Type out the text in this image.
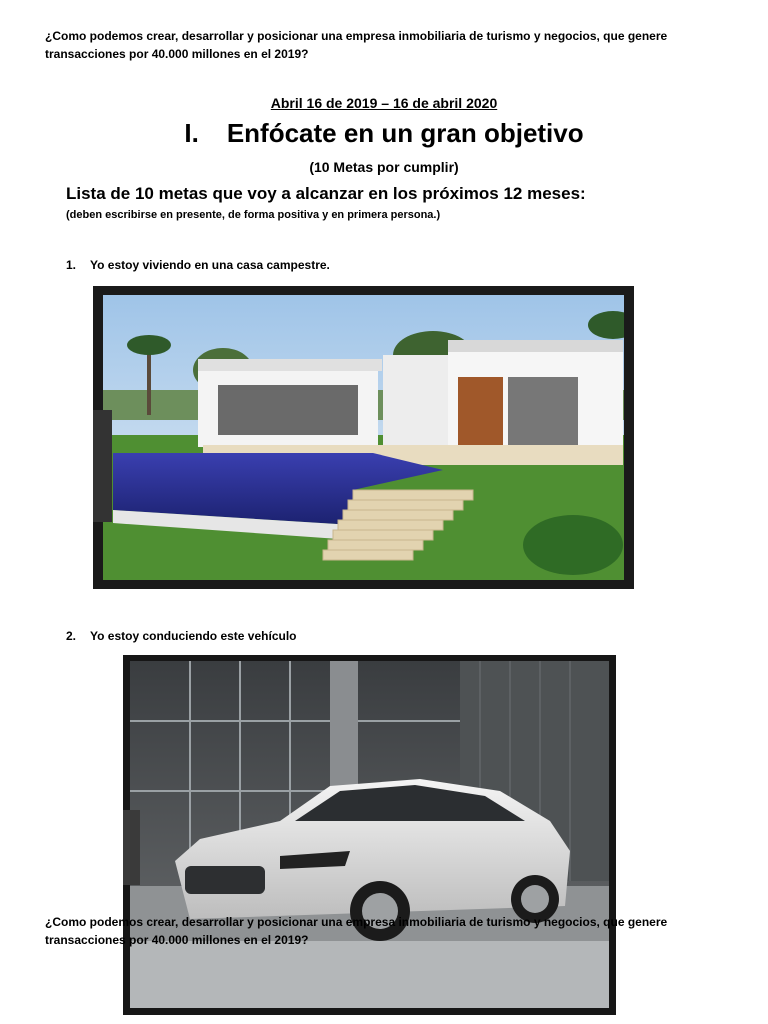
¿Como podemos crear, desarrollar y posicionar una empresa inmobiliaria de turismo y negocios, que genere transacciones por 40.000 millones en el 2019?
Abril 16 de 2019 – 16 de abril 2020
I. Enfócate en un gran objetivo
(10 Metas por cumplir)
Lista de 10 metas que voy a alcanzar en los próximos 12 meses:
(deben escribirse en presente, de forma positiva y en primera persona.)
1. Yo estoy viviendo en una casa campestre.
2. Yo estoy conduciendo este vehículo
¿Como podemos crear, desarrollar y posicionar una empresa inmobiliaria de turismo y negocios, que genere
transacciones por 40.000 millones en el 2019?
